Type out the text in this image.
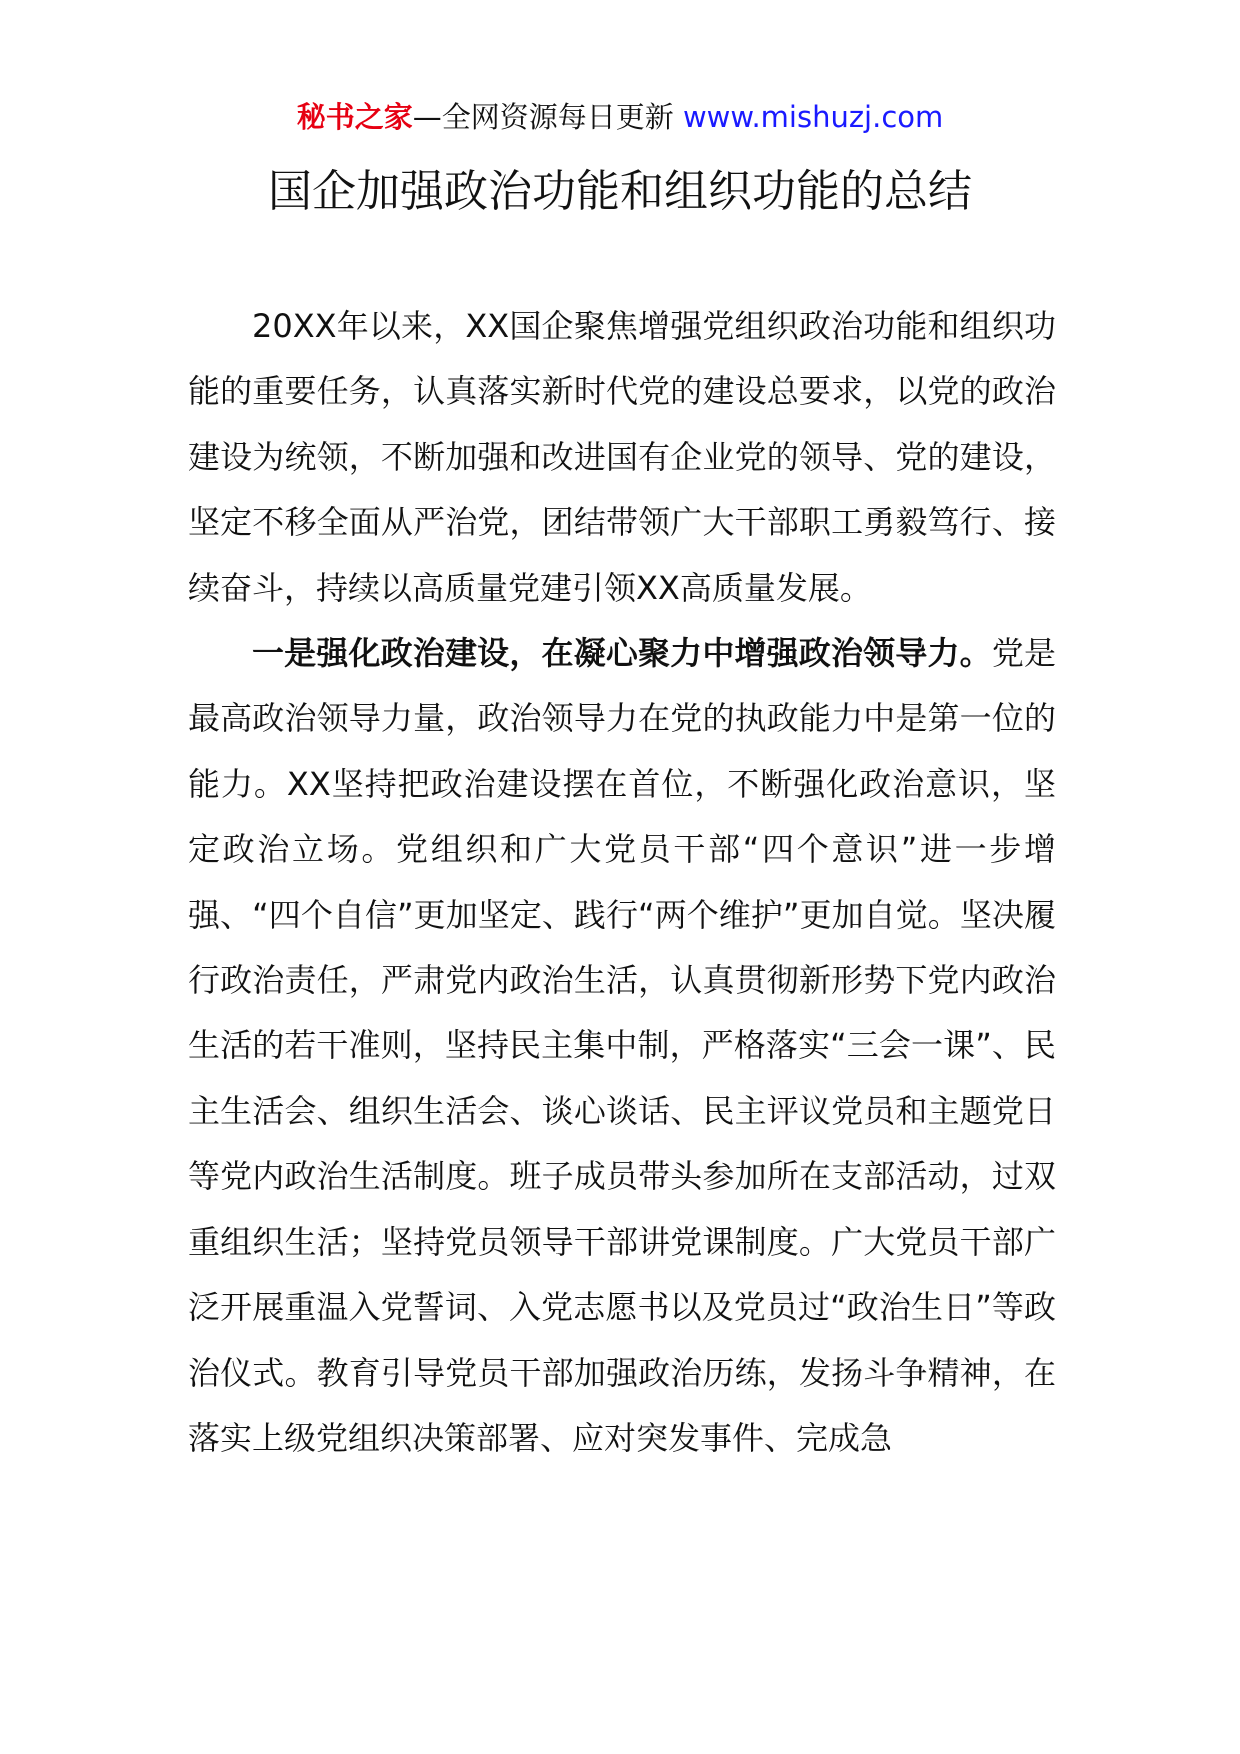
秘书之家—全网资源每日更新 www.mishuzj.com
国企加强政治功能和组织功能的总结

20XX年以来，XX国企聚焦增强党组织政治功能和组织功能的重要任务，认真落实新时代党的建设总要求，以党的政治建设为统领，不断加强和改进国有企业党的领导、党的建设，坚定不移全面从严治党，团结带领广大干部职工勇毅笃行、接续奋斗，持续以高质量党建引领XX高质量发展。

一是强化政治建设，在凝心聚力中增强政治领导力。党是最高政治领导力量，政治领导力在党的执政能力中是第一位的能力。XX坚持把政治建设摆在首位，不断强化政治意识，坚定政治立场。党组织和广大党员干部“四个意识”进一步增强、“四个自信”更加坚定、践行“两个维护”更加自觉。坚决履行政治责任，严肃党内政治生活，认真贯彻新形势下党内政治生活的若干准则，坚持民主集中制，严格落实“三会一课”、民主生活会、组织生活会、谈心谈话、民主评议党员和主题党日等党内政治生活制度。班子成员带头参加所在支部活动，过双重组织生活；坚持党员领导干部讲党课制度。广大党员干部广泛开展重温入党誓词、入党志愿书以及党员过“政治生日”等政治仪式。教育引导党员干部加强政治历练，发扬斗争精神，在落实上级党组织决策部署、应对突发事件、完成急
